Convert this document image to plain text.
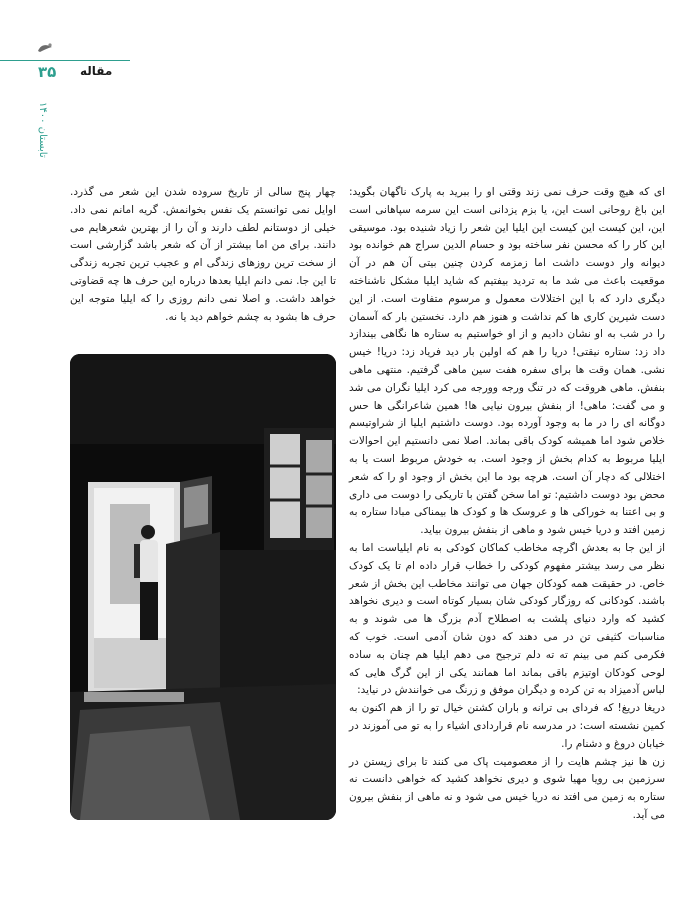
۳۵ مقاله
تابستان ۱۴۰۰

ای که هیچ وقت حرف نمی زند وقتی او را ببرید به پارک ناگهان بگوید: این باغ روحانی است این، یا بزم یزدانی است این سرمه سپاهانی است این، این کیست این کیست این ایلیا این شعر را زیاد شنیده بود. موسیقی این کار را که محسن نفر ساخته بود و حسام الدین سراج هم خوانده بود دیوانه وار دوست داشت اما زمزمه کردن چنین بیتی آن هم در آن موقعیت باعث می شد ما به تردید بیفتیم که شاید ایلیا مشکل ناشناخته دیگری دارد که با این اختلالات معمول و مرسوم متفاوت است. از این دست شیرین کاری ها کم نداشت و هنوز هم دارد. نخستین بار که آسمان را در شب به او نشان دادیم و از او خواستیم به ستاره ها نگاهی بیندازد داد زد: ستاره نیقتی! دریا را هم که اولین بار دید فریاد زد: دریا! خیس نشی. همان وقت ها برای سفره هفت سین ماهی گرفتیم. منتهی ماهی بنفش. ماهی هروقت که در تنگ ورجه وورجه می کرد ایلیا نگران می شد و می گفت: ماهی! از بنفش بیرون نیایی ها! همین شاعرانگی ها حس دوگانه ای را در ما به وجود آورده بود. دوست داشتیم ایلیا از شراوتیسم خلاص شود اما همیشه کودک باقی بماند. اصلا نمی دانستیم این احوالات ایلیا مربوط به کدام بخش از وجود است. به خودش مربوط است یا به اختلالی که دچار آن است. هرچه بود ما این بخش از وجود او را که شعر محض بود دوست داشتیم: تو اما سخن گفتن با تاریکی را دوست می داری و بی اعتنا به خوراکی ها و عروسک ها و کودک ها بیمناکی مبادا ستاره به زمین افتد و دریا خیس شود و ماهی از بنفش بیرون بیاید.

از این جا به بعدش اگرچه مخاطب کماکان کودکی به نام ایلیاست اما به نظر می رسد بیشتر مفهوم کودکی را خطاب قرار داده ام تا یک کودک خاص. در حقیقت همه کودکان جهان می توانند مخاطب این بخش از شعر باشند. کودکانی که روزگار کودکی شان بسیار کوتاه است و دیری نخواهد کشید که وارد دنیای پلشت به اصطلاح آدم بزرگ ها می شوند و به مناسبات کثیفی تن در می دهند که دون شان آدمی است. خوب که فکرمی کنم می بینم ته ته دلم ترجیح می دهم ایلیا هم چنان به ساده لوحی کودکان اوتیزم باقی بماند اما همانند یکی از این گرگ هایی که لباس آدمیزاد به تن کرده و دیگران موفق و زرنگ می خوانندش در نیاید:

دریغا دریغ! که فردای بی ترانه و باران کشتن خیال تو را از هم اکنون به کمین نشسته است: در مدرسه نام قراردادی اشیاء را به تو می آموزند در خیابان دروغ و دشنام را.

زن ها نیز چشم هایت را از معصومیت پاک می کنند تا برای زیستن در سرزمین بی رویا مهیا شوی و دیری نخواهد کشید که خواهی دانست نه ستاره به زمین می افتد نه دریا خیس می شود و نه ماهی از بنفش بیرون می آید.

چهار پنج سالی از تاریخ سروده شدن این شعر می گذرد. اوایل نمی توانستم یک نفس بخوانمش. گریه امانم نمی داد. خیلی از دوستانم لطف دارند و آن را از بهترین شعرهایم می دانند. برای من اما بیشتر از آن که شعر باشد گزارشی است از سخت ترین روزهای زندگی ام و عجیب ترین تجربه زندگی تا این جا. نمی دانم ایلیا بعدها درباره این حرف ها چه قضاوتی خواهد داشت. و اصلا نمی دانم روزی را که ایلیا متوجه این حرف ها بشود به چشم خواهم دید یا نه.
